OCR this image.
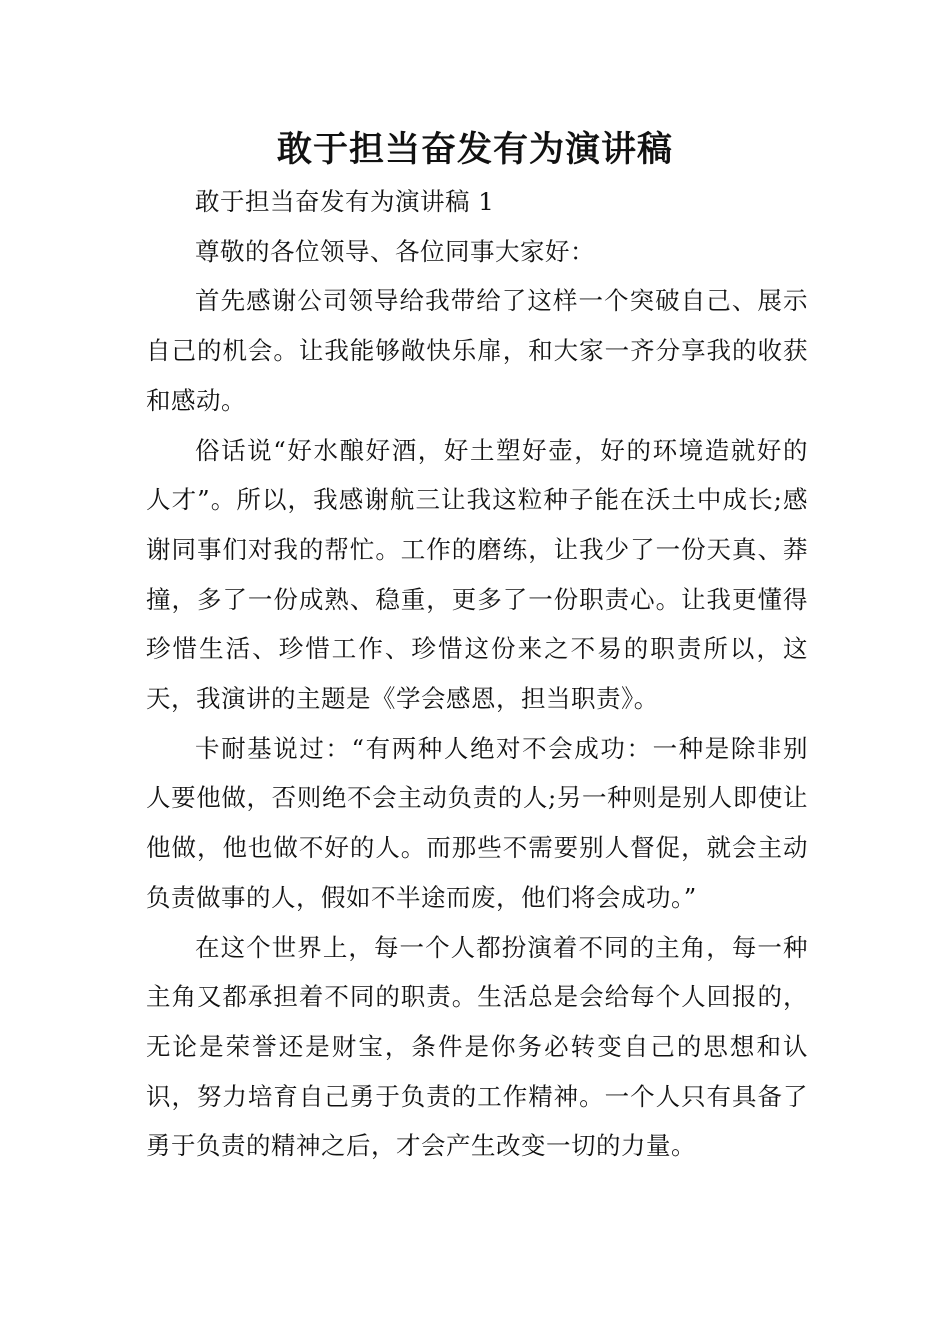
敢于担当奋发有为演讲稿

敢于担当奋发有为演讲稿 1

尊敬的各位领导、各位同事大家好：

首先感谢公司领导给我带给了这样一个突破自己、展示自己的机会。让我能够敞快乐扉，和大家一齐分享我的收获和感动。

俗话说“好水酿好酒，好土塑好壶，好的环境造就好的人才”。所以，我感谢航三让我这粒种子能在沃土中成长;感谢同事们对我的帮忙。工作的磨练，让我少了一份天真、莽撞，多了一份成熟、稳重，更多了一份职责心。让我更懂得珍惜生活、珍惜工作、珍惜这份来之不易的职责所以，这天，我演讲的主题是《学会感恩，担当职责》。

卡耐基说过：“有两种人绝对不会成功：一种是除非别人要他做，否则绝不会主动负责的人;另一种则是别人即使让他做，他也做不好的人。而那些不需要别人督促，就会主动负责做事的人，假如不半途而废，他们将会成功。”

在这个世界上，每一个人都扮演着不同的主角，每一种主角又都承担着不同的职责。生活总是会给每个人回报的，无论是荣誉还是财宝，条件是你务必转变自己的思想和认识，努力培育自己勇于负责的工作精神。一个人只有具备了勇于负责的精神之后，才会产生改变一切的力量。
